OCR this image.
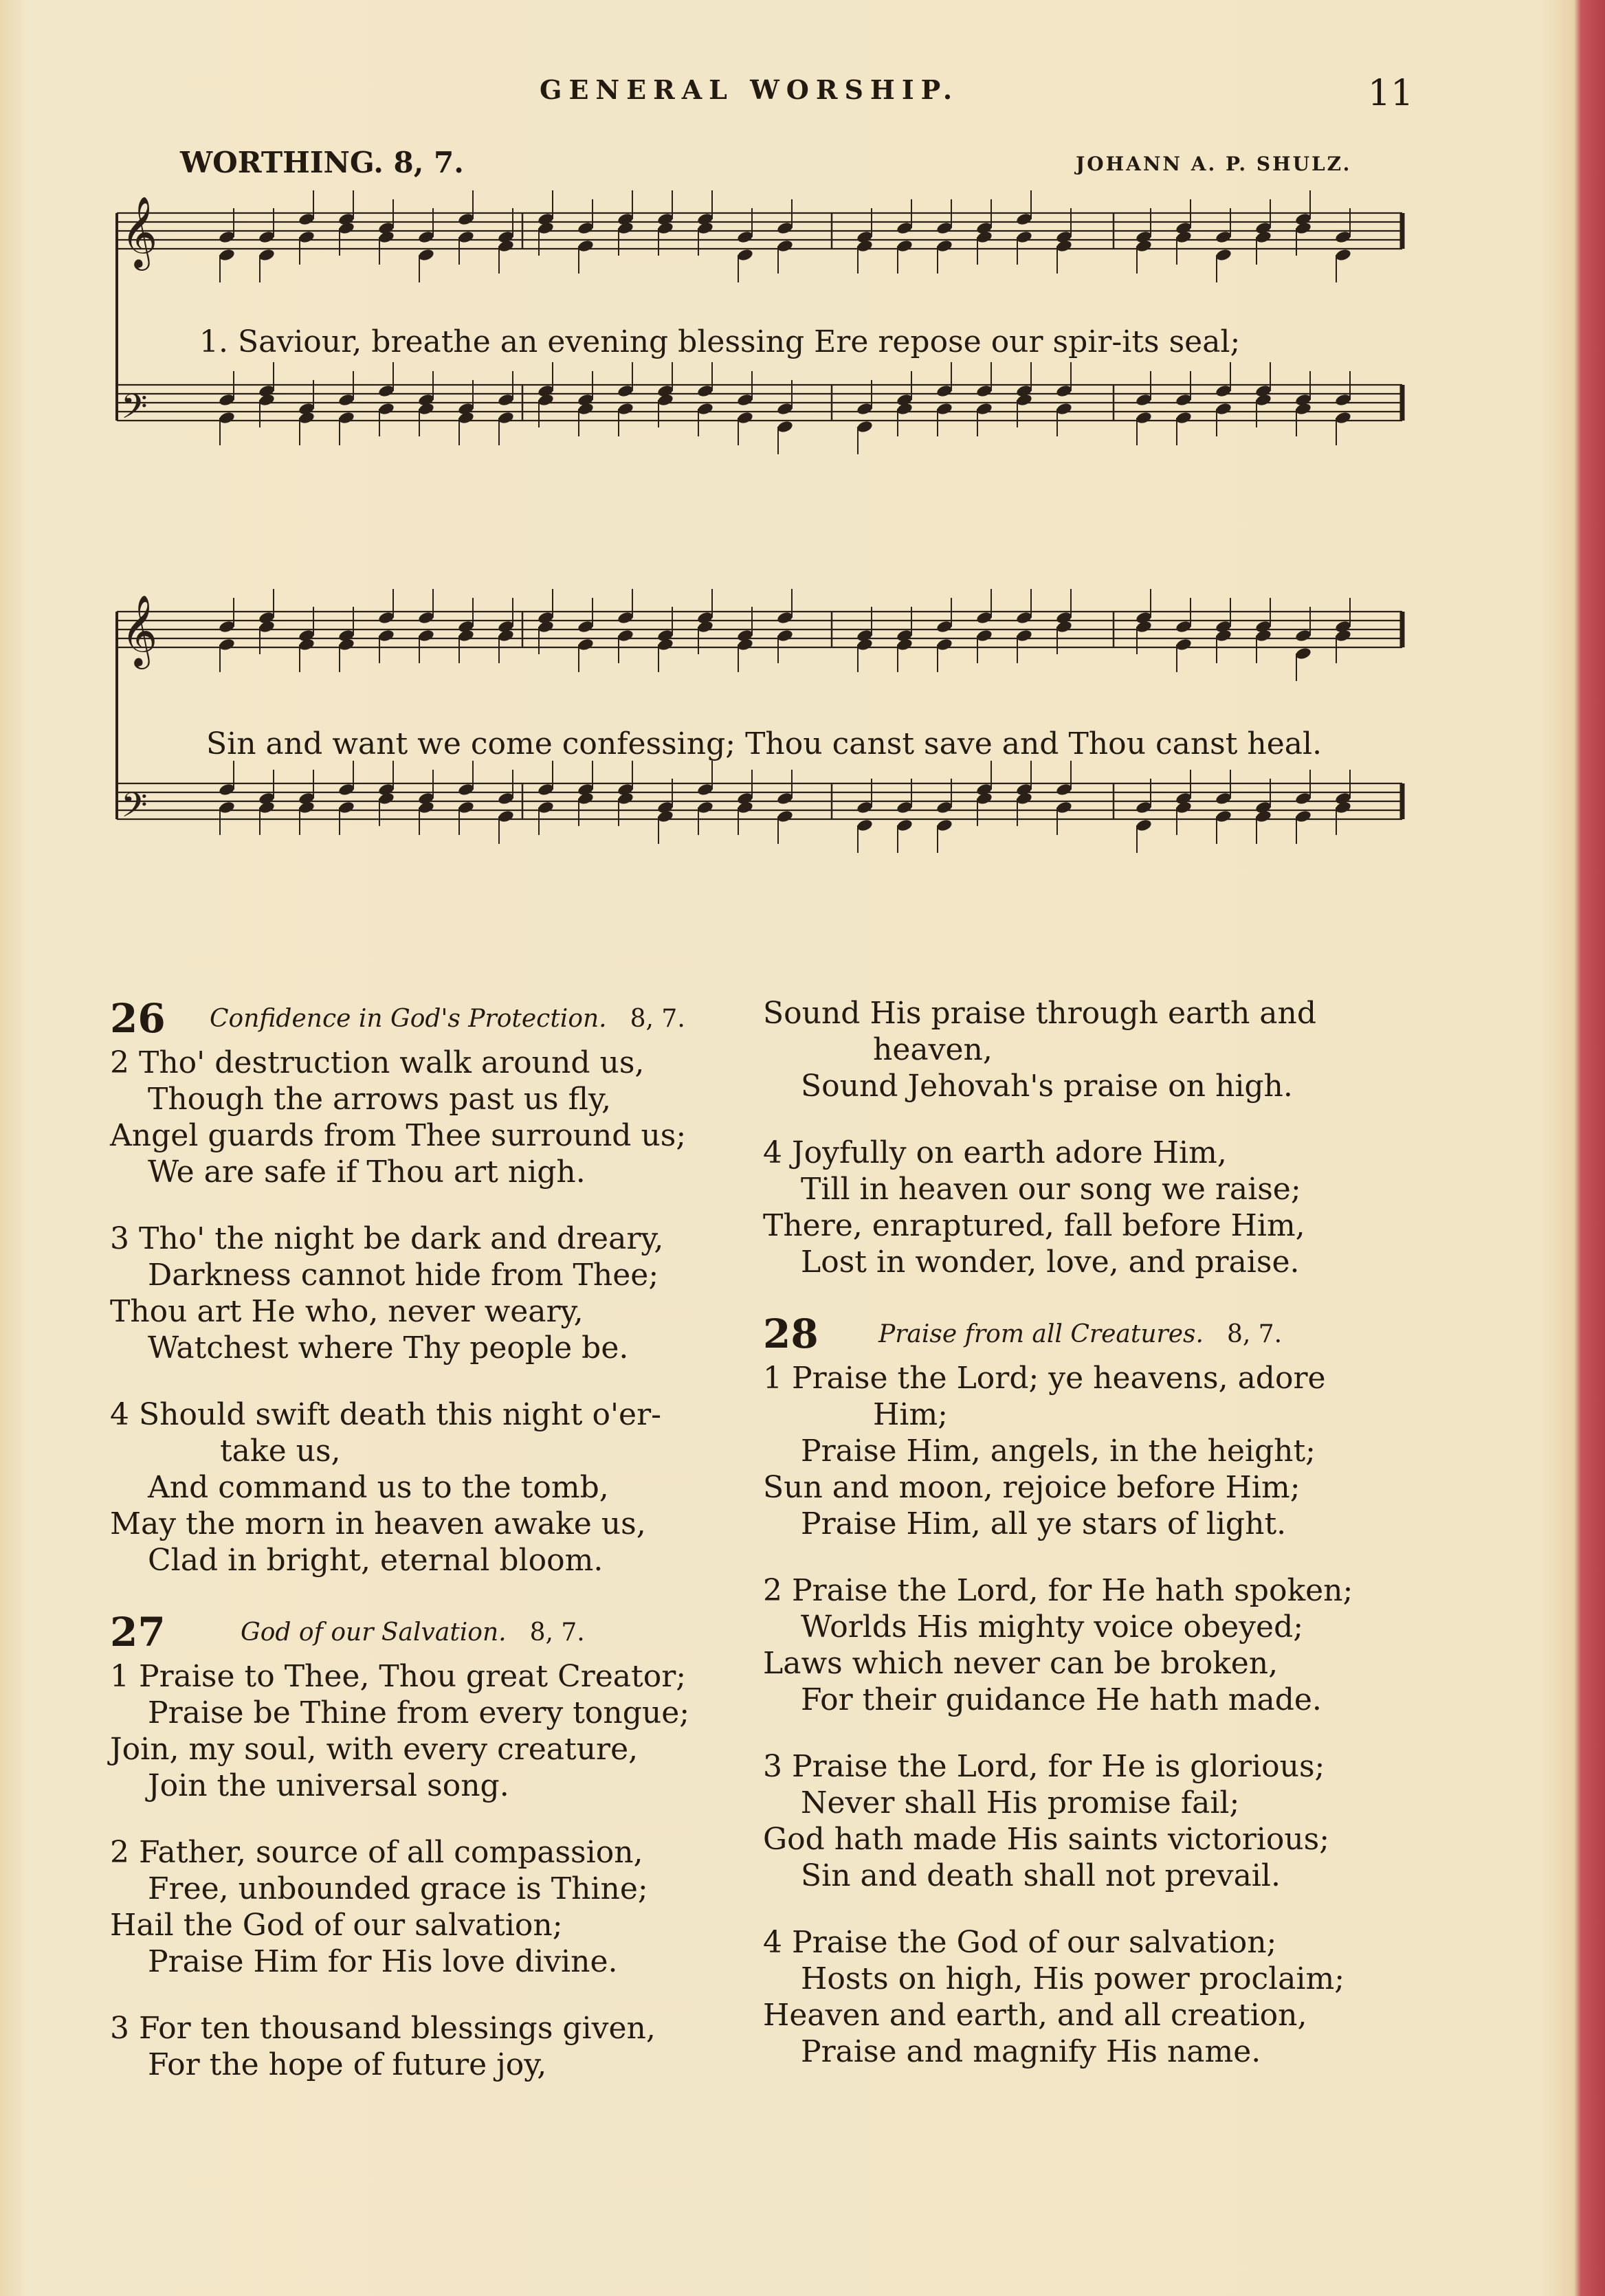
GENERAL WORSHIP.	11
WORTHING. 8, 7.	JOHANN A. P. SHULZ.
𝄞
𝄢
𝄞
𝄢
1. Saviour, breathe an evening blessing Ere repose our spir-its seal;
Sin and want we come confessing; Thou canst save and Thou canst heal.
26 Confidence in God's Protection. 8, 7.
2 Tho' destruction walk around us,
Though the arrows past us fly,
Angel guards from Thee surround us;
We are safe if Thou art nigh.
3 Tho' the night be dark and dreary,
Darkness cannot hide from Thee;
Thou art He who, never weary,
Watchest where Thy people be.
4 Should swift death this night o'er-
take us,
And command us to the tomb,
May the morn in heaven awake us,
Clad in bright, eternal bloom.
27	God of our Salvation. 8, 7.
1 Praise to Thee, Thou great Creator;
Praise be Thine from every tongue;
Join, my soul, with every creature,
Join the universal song.
2 Father, source of all compassion,
Free, unbounded grace is Thine;
Hail the God of our salvation;
Praise Him for His love divine.
3 For ten thousand blessings given,
For the hope of future joy,
Sound His praise through earth and
heaven,
Sound Jehovah's praise on high.
4 Joyfully on earth adore Him,
Till in heaven our song we raise;
There, enraptured, fall before Him,
Lost in wonder, love, and praise.
28 Praise from all Creatures. 8, 7.
1 Praise the Lord; ye heavens, adore
Him;
Praise Him, angels, in the height;
Sun and moon, rejoice before Him;
Praise Him, all ye stars of light.
2 Praise the Lord, for He hath spoken;
Worlds His mighty voice obeyed;
Laws which never can be broken,
For their guidance He hath made.
3 Praise the Lord, for He is glorious;
Never shall His promise fail;
God hath made His saints victorious;
Sin and death shall not prevail.
4 Praise the God of our salvation;
Hosts on high, His power proclaim;
Heaven and earth, and all creation,
Praise and magnify His name.
